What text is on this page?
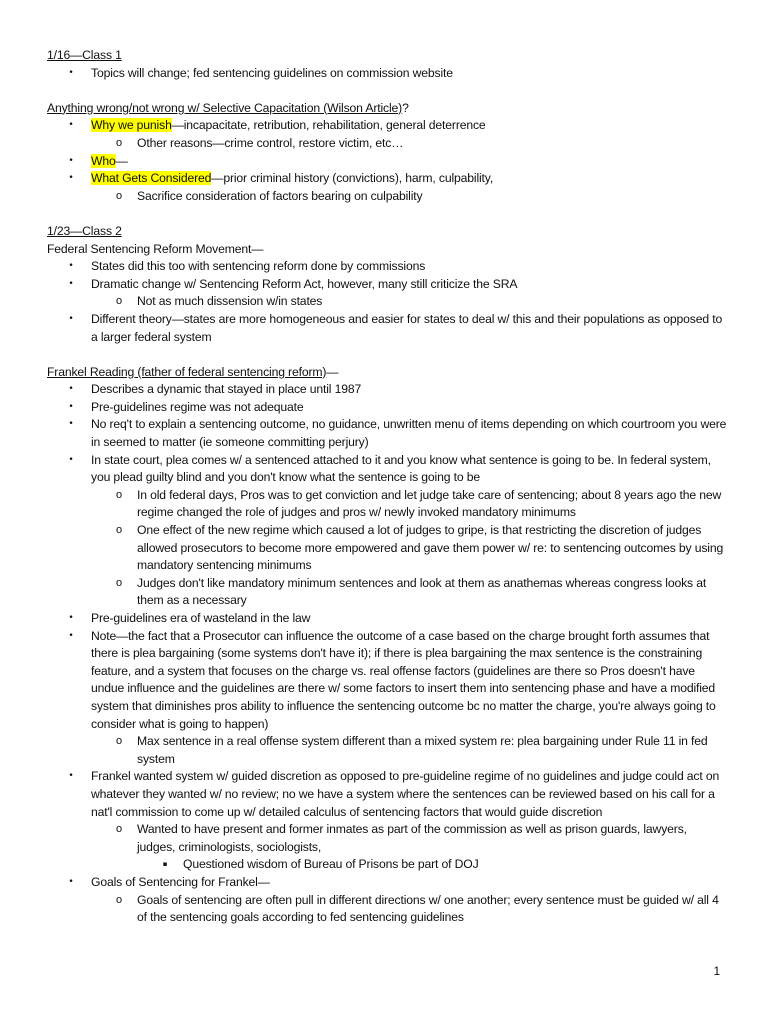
1/16—Class 1

• Topics will change; fed sentencing guidelines on commission website

Anything wrong/not wrong w/ Selective Capacitation (Wilson Article)?

• Why we punish—incapacitate, retribution, rehabilitation, general deterrence
o Other reasons—crime control, restore victim, etc…
• Who—
• What Gets Considered—prior criminal history (convictions), harm, culpability,
o Sacrifice consideration of factors bearing on culpability

1/23—Class 2

Federal Sentencing Reform Movement—

• States did this too with sentencing reform done by commissions
• Dramatic change w/ Sentencing Reform Act, however, many still criticize the SRA
o Not as much dissension w/in states
• Different theory—states are more homogeneous and easier for states to deal w/ this and their populations as opposed to a larger federal system

Frankel Reading (father of federal sentencing reform)—

• Describes a dynamic that stayed in place until 1987
• Pre-guidelines regime was not adequate
• No req't to explain a sentencing outcome, no guidance, unwritten menu of items depending on which courtroom you were in seemed to matter (ie someone committing perjury)
• In state court, plea comes w/ a sentenced attached to it and you know what sentence is going to be. In federal system, you plead guilty blind and you don't know what the sentence is going to be
o In old federal days, Pros was to get conviction and let judge take care of sentencing; about 8 years ago the new regime changed the role of judges and pros w/ newly invoked mandatory minimums
o One effect of the new regime which caused a lot of judges to gripe, is that restricting the discretion of judges allowed prosecutors to become more empowered and gave them power w/ re: to sentencing outcomes by using mandatory sentencing minimums
o Judges don't like mandatory minimum sentences and look at them as anathemas whereas congress looks at them as a necessary
• Pre-guidelines era of wasteland in the law
• Note—the fact that a Prosecutor can influence the outcome of a case based on the charge brought forth assumes that there is plea bargaining (some systems don't have it); if there is plea bargaining the max sentence is the constraining feature, and a system that focuses on the charge vs. real offense factors (guidelines are there so Pros doesn't have undue influence and the guidelines are there w/ some factors to insert them into sentencing phase and have a modified system that diminishes pros ability to influence the sentencing outcome bc no matter the charge, you're always going to consider what is going to happen)
o Max sentence in a real offense system different than a mixed system re: plea bargaining under Rule 11 in fed system
• Frankel wanted system w/ guided discretion as opposed to pre-guideline regime of no guidelines and judge could act on whatever they wanted w/ no review; no we have a system where the sentences can be reviewed based on his call for a nat'l commission to come up w/ detailed calculus of sentencing factors that would guide discretion
o Wanted to have present and former inmates as part of the commission as well as prison guards, lawyers, judges, criminologists, sociologists,
▪	Questioned wisdom of Bureau of Prisons be part of DOJ
• Goals of Sentencing for Frankel—
o Goals of sentencing are often pull in different directions w/ one another; every sentence must be guided w/ all 4 of the sentencing goals according to fed sentencing guidelines
1
